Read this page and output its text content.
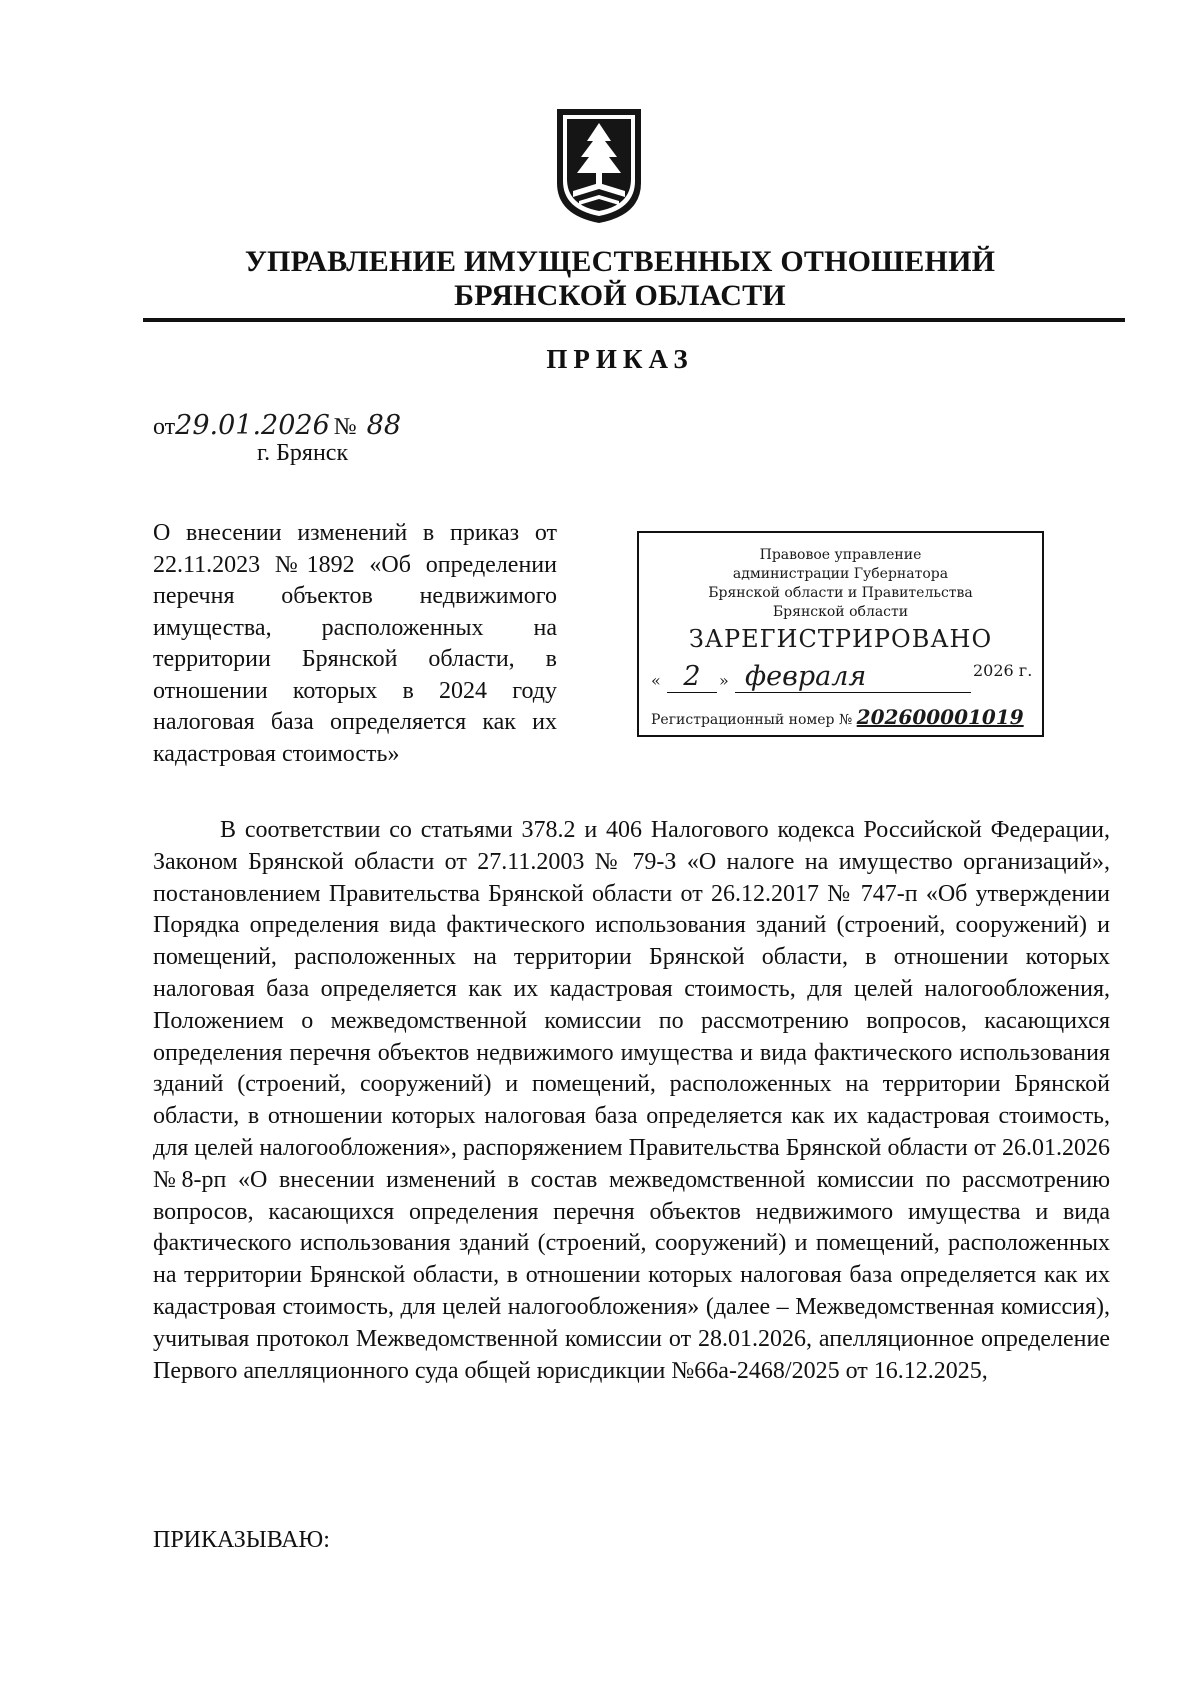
УПРАВЛЕНИЕ ИМУЩЕСТВЕННЫХ ОТНОШЕНИЙ
БРЯНСКОЙ ОБЛАСТИ
ПРИКАЗ
от 29.01.2026 № 88
г. Брянск
О внесении изменений в приказ от 22.11.2023 №1892 «Об определении перечня объектов недвижимого имущества, расположенных на территории Брянской области, в отношении которых в 2024 году налоговая база определяется как их кадастровая стоимость»
Правовое управление
администрации Губернатора
Брянской области и Правительства
Брянской области
ЗАРЕГИСТРИРОВАНО
« 2	» февраля	2026 г.
Регистрационный номер № 202600001019

В соответствии со статьями 378.2 и 406 Налогового кодекса Российской Федерации, Законом Брянской области от 27.11.2003 № 79-З «О налоге на имущество организаций», постановлением Правительства Брянской области от 26.12.2017 № 747-п «Об утверждении Порядка определения вида фактического использования зданий (строений, сооружений) и помещений, расположенных на территории Брянской области, в отношении которых налоговая база определяется как их кадастровая стоимость, для целей налогообложения, Положением о межведомственной комиссии по рассмотрению вопросов, касающихся определения перечня объектов недвижимого имущества и вида фактического использования зданий (строений, сооружений) и помещений, расположенных на территории Брянской области, в отношении которых налоговая база определяется как их кадастровая стоимость, для целей налогообложения», распоряжением Правительства Брянской области от 26.01.2026 №8-рп «О внесении изменений в состав межведомственной комиссии по рассмотрению вопросов, касающихся определения перечня объектов недвижимого имущества и вида фактического использования зданий (строений, сооружений) и помещений, расположенных на территории Брянской области, в отношении которых налоговая база определяется как их кадастровая стоимость, для целей налогообложения» (далее – Межведомственная комиссия), учитывая протокол Межведомственной комиссии от 28.01.2026, апелляционное определение Первого апелляционного суда общей юрисдикции №66а-2468/2025 от 16.12.2025,

ПРИКАЗЫВАЮ:
